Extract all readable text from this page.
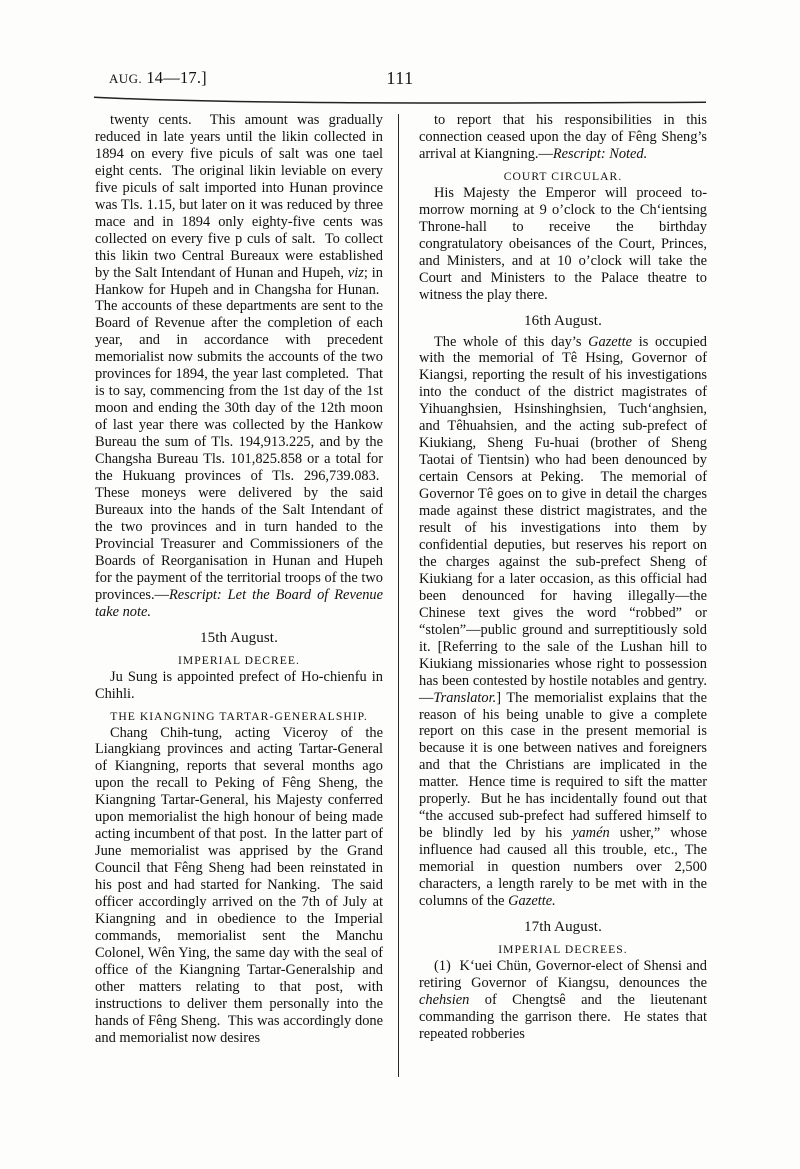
AUG. 14—17.]	111

twenty cents.  This amount was gradually reduced in late years until the likin collected in 1894 on every five piculs of salt was one tael eight cents.  The original likin leviable on every five piculs of salt imported into Hunan province was Tls. 1.15, but later on it was reduced by three mace and in 1894 only eighty-five cents was collected on every five p culs of salt.  To collect this likin two Central Bureaux were established by the Salt Intendant of Hunan and Hupeh, viz; in Hankow for Hupeh and in Changsha for Hunan.  The accounts of these departments are sent to the Board of Revenue after the completion of each year, and in accordance with precedent memorialist now submits the accounts of the two provinces for 1894, the year last completed.  That is to say, commencing from the 1st day of the 1st moon and ending the 30th day of the 12th moon of last year there was collected by the Hankow Bureau the sum of Tls. 194,913.225, and by the Changsha Bureau Tls. 101,825.858 or a total for the Hukuang provinces of Tls. 296,739.083.  These moneys were delivered by the said Bureaux into the hands of the Salt Intendant of the two provinces and in turn handed to the Provincial Treasurer and Commissioners of the Boards of Reorganisation in Hunan and Hupeh for the payment of the territorial troops of the two provinces.—Rescript: Let the Board of Revenue take note.

15th August.
IMPERIAL DECREE.

Ju Sung is appointed prefect of Ho-chienfu in Chihli.

THE KIANGNING TARTAR-GENERALSHIP.

Chang Chih-tung, acting Viceroy of the Liangkiang provinces and acting Tartar-General of Kiangning, reports that several months ago upon the recall to Peking of Fêng Sheng, the Kiangning Tartar-General, his Majesty conferred upon memorialist the high honour of being made acting incumbent of that post.  In the latter part of June memorialist was apprised by the Grand Council that Fêng Sheng had been reinstated in his post and had started for Nanking.  The said officer accordingly arrived on the 7th of July at Kiangning and in obedience to the Imperial commands, memorialist sent the Manchu Colonel, Wên Ying, the same day with the seal of office of the Kiangning Tartar-Generalship and other matters relating to that post, with instructions to deliver them personally into the hands of Fêng Sheng.  This was accordingly done and memorialist now desires

to report that his responsibilities in this connection ceased upon the day of Fêng Sheng’s arrival at Kiangning.—Rescript: Noted.

COURT CIRCULAR.

His Majesty the Emperor will proceed to-morrow morning at 9 o’clock to the Ch‘ientsing Throne-hall to receive the birthday congratulatory obeisances of the Court, Princes, and Ministers, and at 10 o’clock will take the Court and Ministers to the Palace theatre to witness the play there.

16th August.

The whole of this day’s Gazette is occupied with the memorial of Tê Hsing, Governor of Kiangsi, reporting the result of his investigations into the conduct of the district magistrates of Yihuanghsien, Hsinshinghsien, Tuch‘anghsien, and Têhuahsien, and the acting sub-prefect of Kiukiang, Sheng Fu-huai (brother of Sheng Taotai of Tientsin) who had been denounced by certain Censors at Peking.  The memorial of Governor Tê goes on to give in detail the charges made against these district magistrates, and the result of his investigations into them by confidential deputies, but reserves his report on the charges against the sub-prefect Sheng of Kiukiang for a later occasion, as this official had been denounced for having illegally—the Chinese text gives the word “robbed” or “stolen”—public ground and surreptitiously sold it. [Referring to the sale of the Lushan hill to Kiukiang missionaries whose right to possession has been contested by hostile notables and gentry.—Translator.] The memorialist explains that the reason of his being unable to give a complete report on this case in the present memorial is because it is one between natives and foreigners and that the Christians are implicated in the matter.  Hence time is required to sift the matter properly.  But he has incidentally found out that “the accused sub-prefect had suffered himself to be blindly led by his yamén usher,” whose influence had caused all this trouble, etc., The memorial in question numbers over 2,500 characters, a length rarely to be met with in the columns of the Gazette.

17th August.
IMPERIAL DECREES.

(1)  K‘uei Chün, Governor-elect of Shensi and retiring Governor of Kiangsu, denounces the chehsien of Chengtsê and the lieutenant commanding the garrison there.  He states that repeated robberies
